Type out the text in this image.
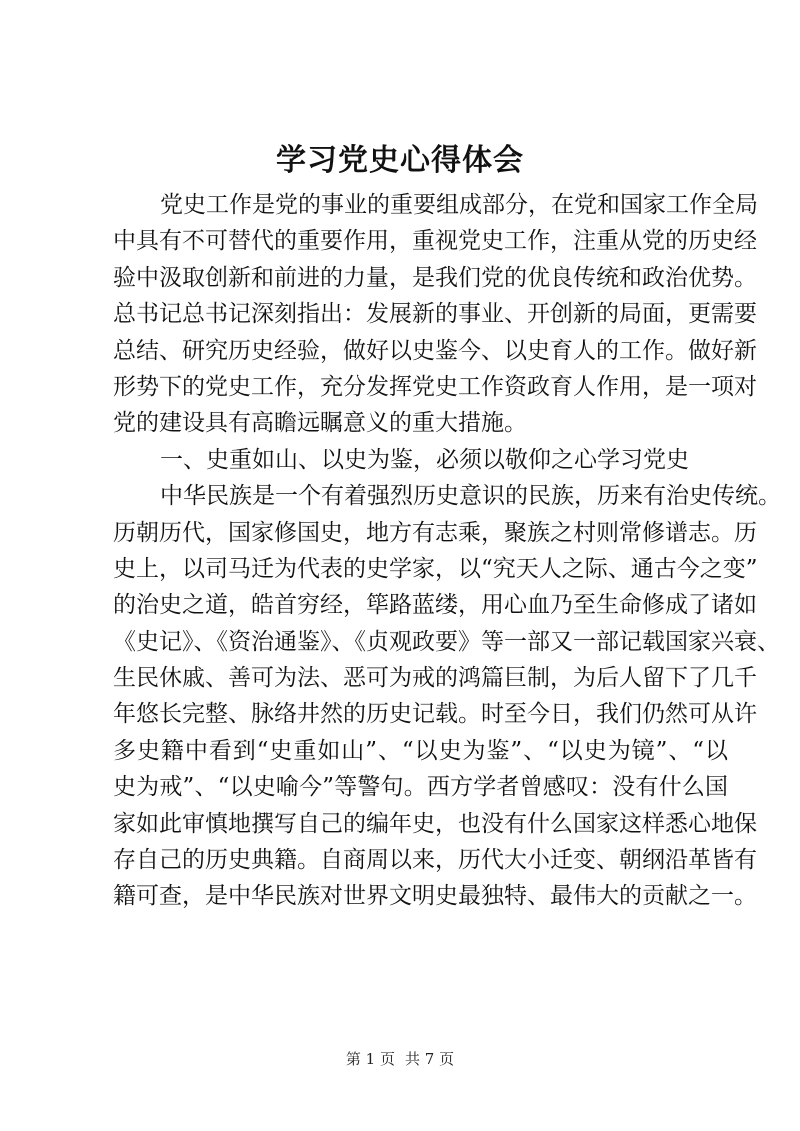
学习党史心得体会
党史工作是党的事业的重要组成部分，在党和国家工作全局
中具有不可替代的重要作用，重视党史工作，注重从党的历史经
验中汲取创新和前进的力量，是我们党的优良传统和政治优势。
总书记总书记深刻指出：发展新的事业、开创新的局面，更需要
总结、研究历史经验，做好以史鉴今、以史育人的工作。做好新
形势下的党史工作，充分发挥党史工作资政育人作用，是一项对
党的建设具有高瞻远瞩意义的重大措施。
一、史重如山、以史为鉴，必须以敬仰之心学习党史
中华民族是一个有着强烈历史意识的民族，历来有治史传统。
历朝历代，国家修国史，地方有志乘，聚族之村则常修谱志。历
史上，以司马迁为代表的史学家，以“究天人之际、通古今之变”
的治史之道，皓首穷经，筚路蓝缕，用心血乃至生命修成了诸如
《史记》、《资治通鉴》、《贞观政要》等一部又一部记载国家兴衰、
生民休戚、善可为法、恶可为戒的鸿篇巨制，为后人留下了几千
年悠长完整、脉络井然的历史记载。时至今日，我们仍然可从许
多史籍中看到“史重如山”、“以史为鉴”、“以史为镜”、“以
史为戒”、“以史喻今”等警句。西方学者曾感叹：没有什么国
家如此审慎地撰写自己的编年史，也没有什么国家这样悉心地保
存自己的历史典籍。自商周以来，历代大小迁变、朝纲沿革皆有
籍可查，是中华民族对世界文明史最独特、最伟大的贡献之一。
第 1 页 共 7 页
